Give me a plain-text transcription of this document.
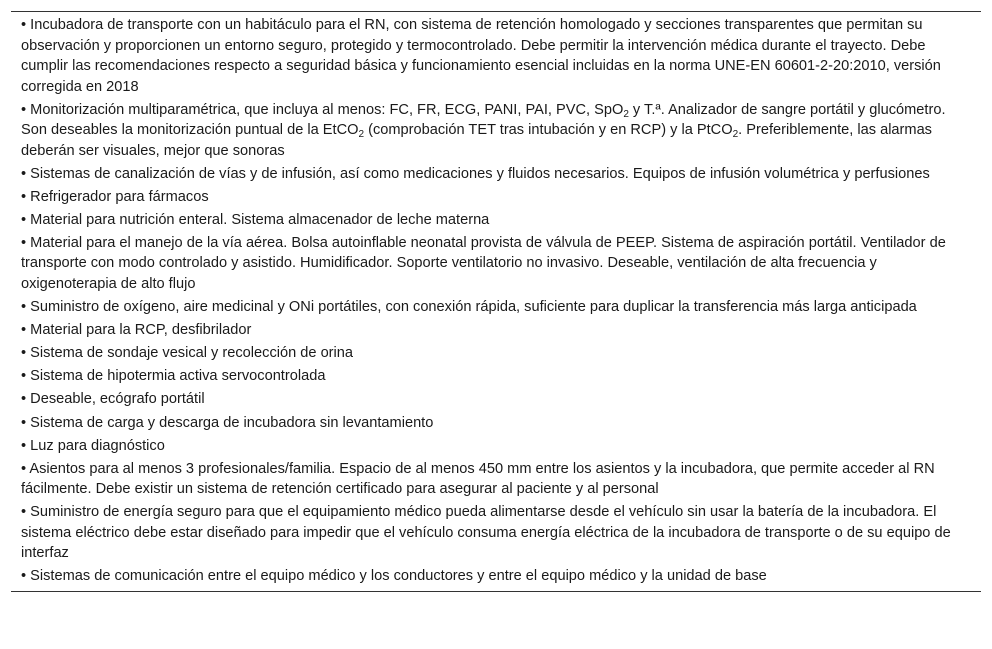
• Incubadora de transporte con un habitáculo para el RN, con sistema de retención homologado y secciones transparentes que permitan su observación y proporcionen un entorno seguro, protegido y termocontrolado. Debe permitir la intervención médica durante el trayecto. Debe cumplir las recomendaciones respecto a seguridad básica y funcionamiento esencial incluidas en la norma UNE-EN 60601-2-20:2010, versión corregida en 2018
• Monitorización multiparamétrica, que incluya al menos: FC, FR, ECG, PANI, PAI, PVC, SpO$_2$ y T.ª. Analizador de sangre portátil y glucómetro. Son deseables la monitorización puntual de la EtCO$_2$ (comprobación TET tras intubación y en RCP) y la PtCO$_2$. Preferiblemente, las alarmas deberán ser visuales, mejor que sonoras
• Sistemas de canalización de vías y de infusión, así como medicaciones y fluidos necesarios. Equipos de infusión volumétrica y perfusiones
• Refrigerador para fármacos
• Material para nutrición enteral. Sistema almacenador de leche materna
• Material para el manejo de la vía aérea. Bolsa autoinflable neonatal provista de válvula de PEEP. Sistema de aspiración portátil. Ventilador de transporte con modo controlado y asistido. Humidificador. Soporte ventilatorio no invasivo. Deseable, ventilación de alta frecuencia y oxigenoterapia de alto flujo
• Suministro de oxígeno, aire medicinal y ONi portátiles, con conexión rápida, suficiente para duplicar la transferencia más larga anticipada
• Material para la RCP, desfibrilador
• Sistema de sondaje vesical y recolección de orina
• Sistema de hipotermia activa servocontrolada
• Deseable, ecógrafo portátil
• Sistema de carga y descarga de incubadora sin levantamiento
• Luz para diagnóstico
• Asientos para al menos 3 profesionales/familia. Espacio de al menos 450 mm entre los asientos y la incubadora, que permite acceder al RN fácilmente. Debe existir un sistema de retención certificado para asegurar al paciente y al personal
• Suministro de energía seguro para que el equipamiento médico pueda alimentarse desde el vehículo sin usar la batería de la incubadora. El sistema eléctrico debe estar diseñado para impedir que el vehículo consuma energía eléctrica de la incubadora de transporte o de su equipo de interfaz
• Sistemas de comunicación entre el equipo médico y los conductores y entre el equipo médico y la unidad de base
